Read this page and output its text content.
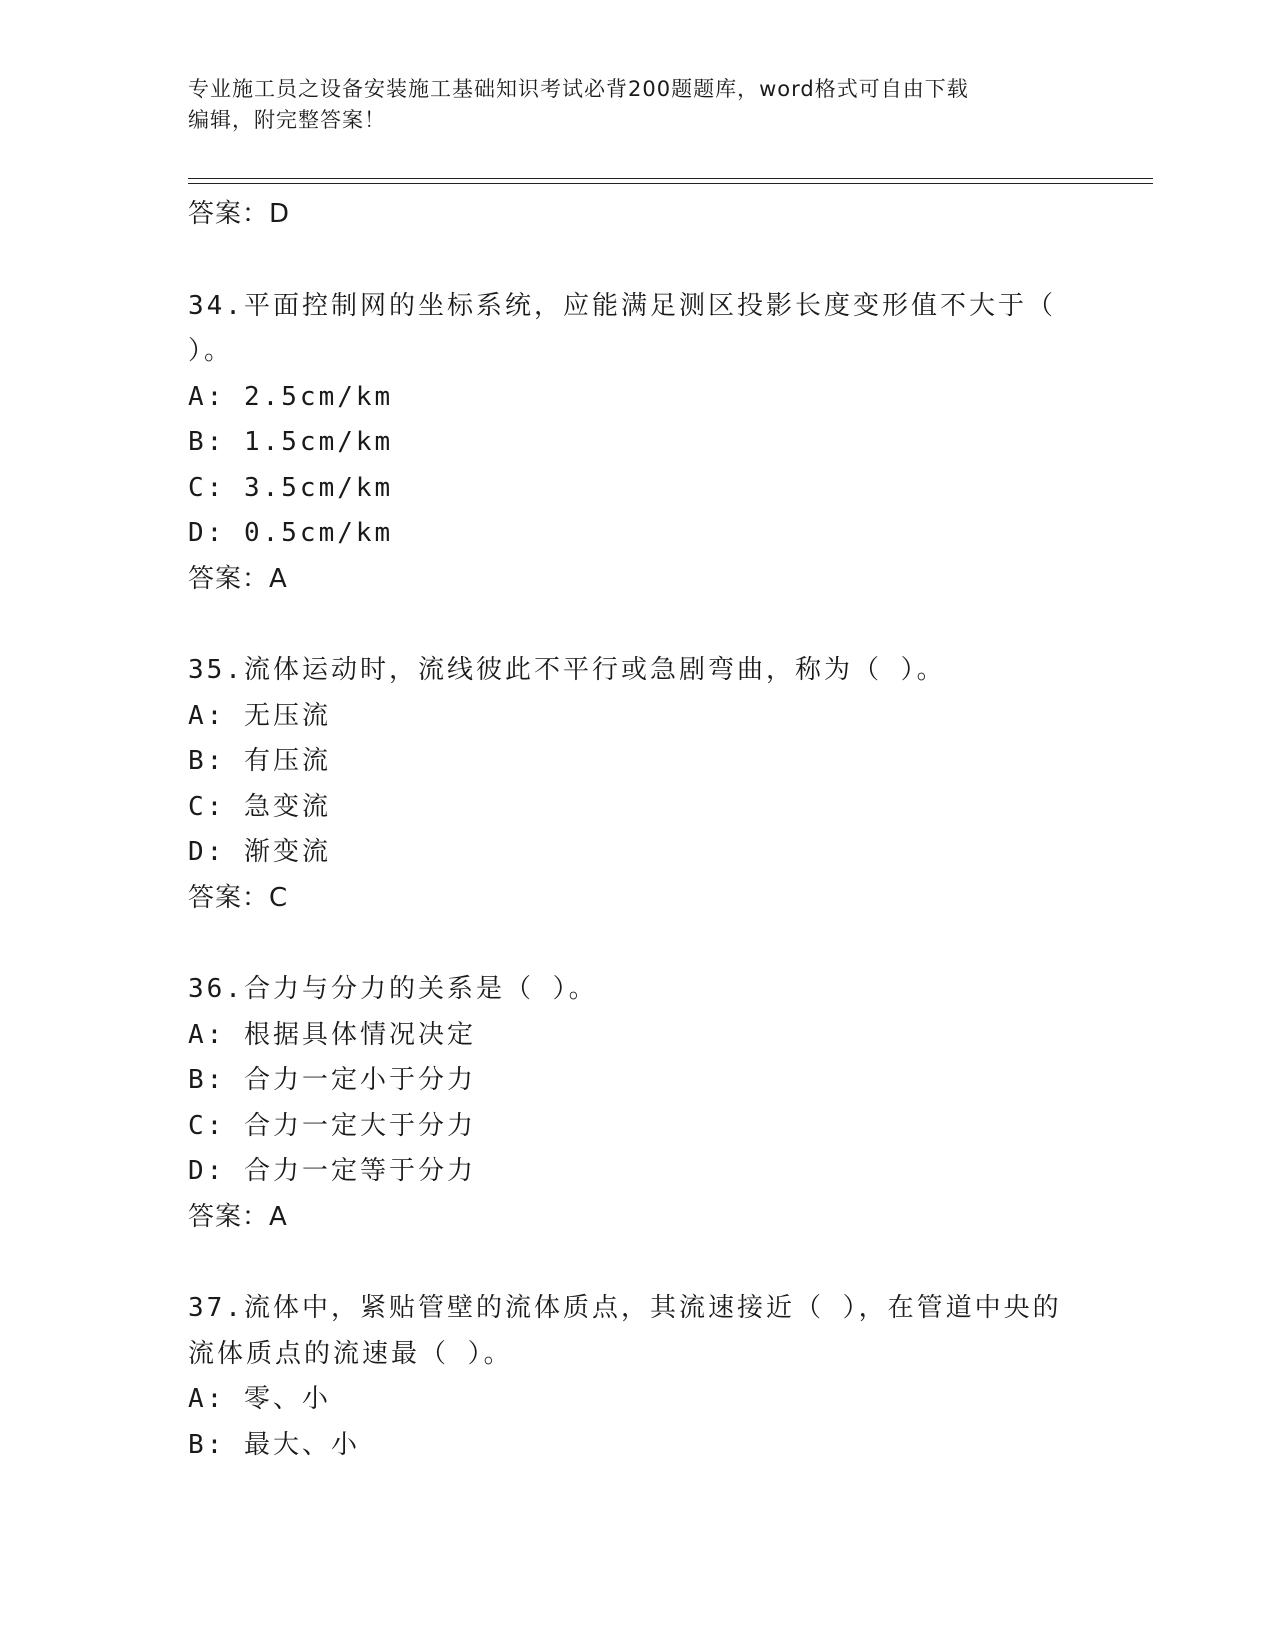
专业施工员之设备安装施工基础知识考试必背200题题库，word格式可自由下载
编辑，附完整答案！
答案：D
34.平面控制网的坐标系统，应能满足测区投影长度变形值不大于（
）。
A: 2.5cm/km
B: 1.5cm/km
C: 3.5cm/km
D: 0.5cm/km
答案：A
35.流体运动时，流线彼此不平行或急剧弯曲，称为（ ）。
A: 无压流
B: 有压流
C: 急变流
D: 渐变流
答案：C
36.合力与分力的关系是（ ）。
A: 根据具体情况决定
B: 合力一定小于分力
C: 合力一定大于分力
D: 合力一定等于分力
答案：A
37.流体中，紧贴管壁的流体质点，其流速接近（ ），在管道中央的
流体质点的流速最（ ）。
A: 零、小
B: 最大、小
